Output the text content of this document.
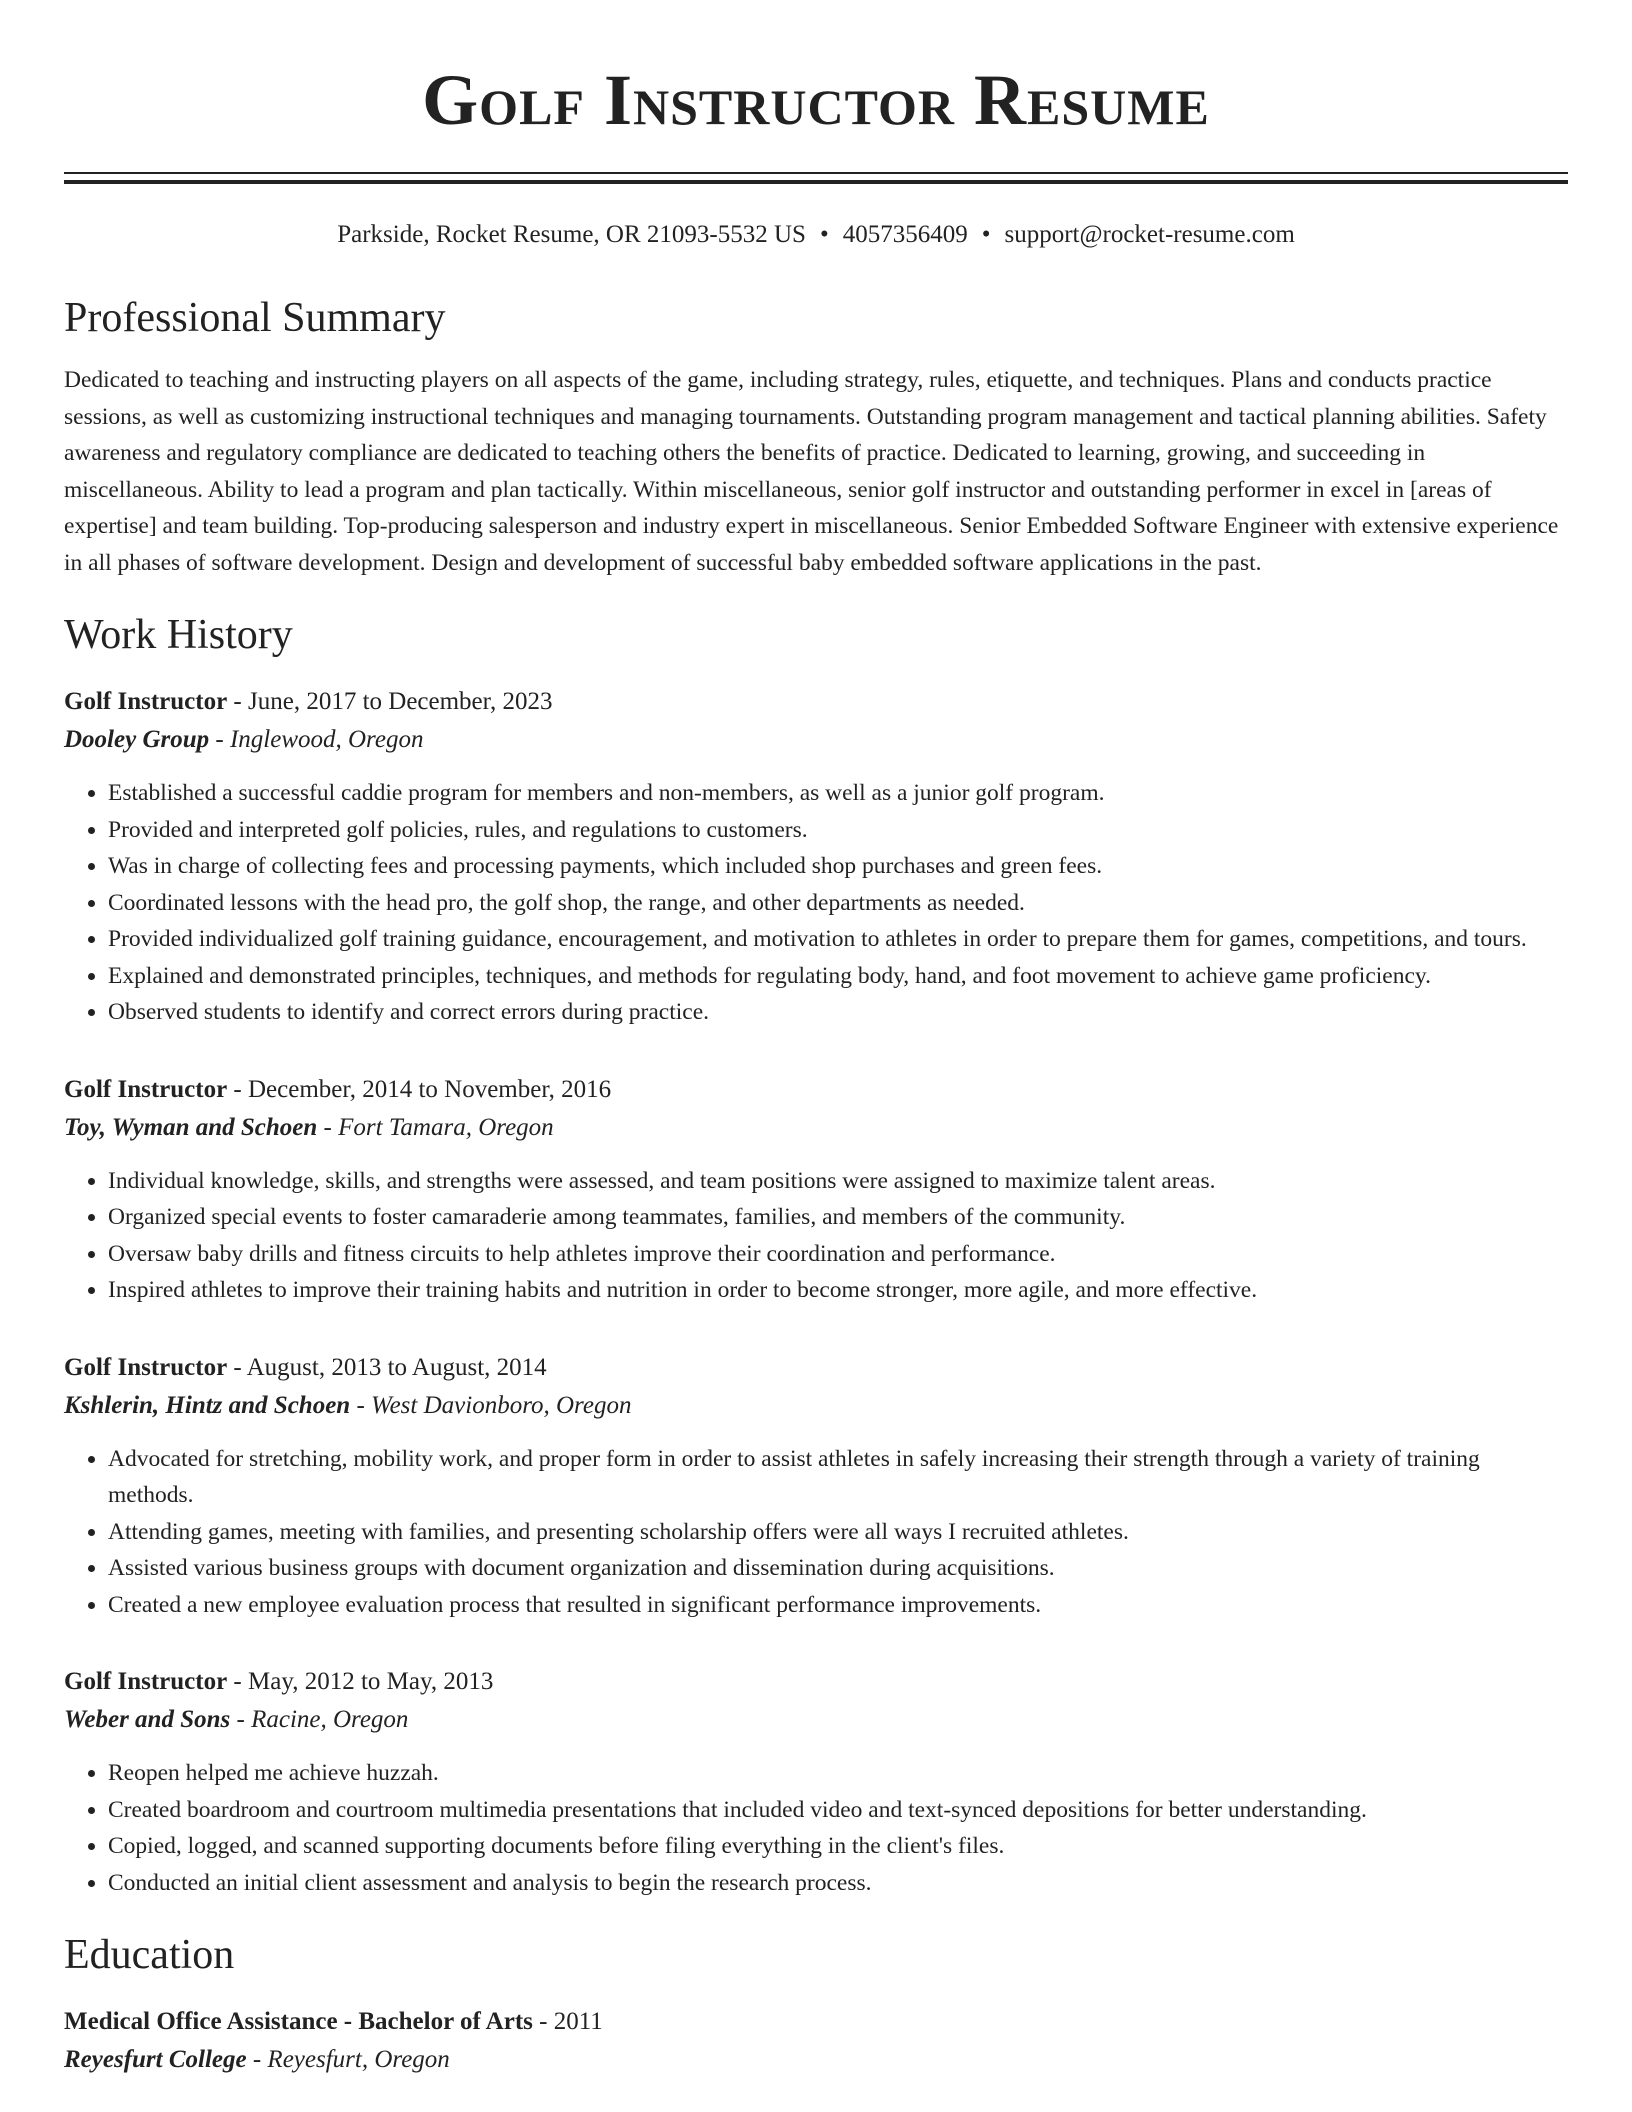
Golf Instructor Resume
Parkside, Rocket Resume, OR 21093-5532 US • 4057356409 • support@rocket-resume.com
Professional Summary
Dedicated to teaching and instructing players on all aspects of the game, including strategy, rules, etiquette, and techniques. Plans and conducts practice sessions, as well as customizing instructional techniques and managing tournaments. Outstanding program management and tactical planning abilities. Safety awareness and regulatory compliance are dedicated to teaching others the benefits of practice. Dedicated to learning, growing, and succeeding in miscellaneous. Ability to lead a program and plan tactically. Within miscellaneous, senior golf instructor and outstanding performer in excel in [areas of expertise] and team building. Top-producing salesperson and industry expert in miscellaneous. Senior Embedded Software Engineer with extensive experience in all phases of software development. Design and development of successful baby embedded software applications in the past.
Work History
Golf Instructor - June, 2017 to December, 2023
Dooley Group - Inglewood, Oregon
• Established a successful caddie program for members and non-members, as well as a junior golf program.
• Provided and interpreted golf policies, rules, and regulations to customers.
• Was in charge of collecting fees and processing payments, which included shop purchases and green fees.
• Coordinated lessons with the head pro, the golf shop, the range, and other departments as needed.
• Provided individualized golf training guidance, encouragement, and motivation to athletes in order to prepare them for games, competitions, and tours.
• Explained and demonstrated principles, techniques, and methods for regulating body, hand, and foot movement to achieve game proficiency.
• Observed students to identify and correct errors during practice.
Golf Instructor - December, 2014 to November, 2016
Toy, Wyman and Schoen - Fort Tamara, Oregon
• Individual knowledge, skills, and strengths were assessed, and team positions were assigned to maximize talent areas.
• Organized special events to foster camaraderie among teammates, families, and members of the community.
• Oversaw baby drills and fitness circuits to help athletes improve their coordination and performance.
• Inspired athletes to improve their training habits and nutrition in order to become stronger, more agile, and more effective.
Golf Instructor - August, 2013 to August, 2014
Kshlerin, Hintz and Schoen - West Davionboro, Oregon
• Advocated for stretching, mobility work, and proper form in order to assist athletes in safely increasing their strength through a variety of training methods.
• Attending games, meeting with families, and presenting scholarship offers were all ways I recruited athletes.
• Assisted various business groups with document organization and dissemination during acquisitions.
• Created a new employee evaluation process that resulted in significant performance improvements.
Golf Instructor - May, 2012 to May, 2013
Weber and Sons - Racine, Oregon
• Reopen helped me achieve huzzah.
• Created boardroom and courtroom multimedia presentations that included video and text-synced depositions for better understanding.
• Copied, logged, and scanned supporting documents before filing everything in the client's files.
• Conducted an initial client assessment and analysis to begin the research process.
Education
Medical Office Assistance - Bachelor of Arts - 2011
Reyesfurt College - Reyesfurt, Oregon
